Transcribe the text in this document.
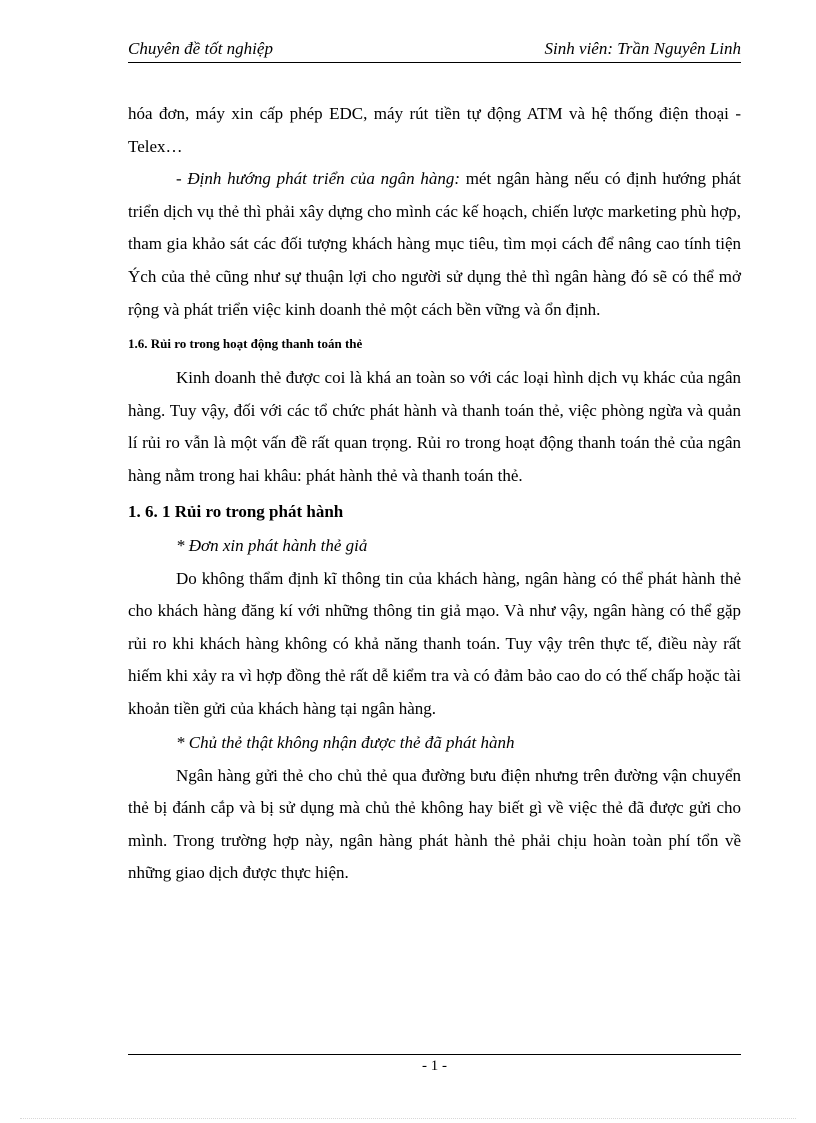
Chuyên đề tốt nghiệp	Sinh viên: Trần Nguyên Linh

hóa đơn, máy xin cấp phép EDC, máy rút tiền tự động ATM và hệ thống điện thoại - Telex…

- Định hướng phát triển của ngân hàng: mét ngân hàng nếu có định hướng phát triển dịch vụ thẻ thì phải xây dựng cho mình các kế hoạch, chiến lược marketing phù hợp, tham gia khảo sát các đối tượng khách hàng mục tiêu, tìm mọi cách để nâng cao tính tiện Ých của thẻ cũng như sự thuận lợi cho người sử dụng thẻ thì ngân hàng đó sẽ có thể mở rộng và phát triển việc kinh doanh thẻ một cách bền vững và ổn định.

1.6. Rủi ro trong hoạt động thanh toán thẻ

Kinh doanh thẻ được coi là khá an toàn so với các loại hình dịch vụ khác của ngân hàng. Tuy vậy, đối với các tổ chức phát hành và thanh toán thẻ, việc phòng ngừa và quản lí rủi ro vẫn là một vấn đề rất quan trọng. Rủi ro trong hoạt động thanh toán thẻ của ngân hàng nằm trong hai khâu: phát hành thẻ và thanh toán thẻ.

1. 6. 1 Rủi ro trong phát hành
* Đơn xin phát hành thẻ giả

Do không thẩm định kĩ thông tin của khách hàng, ngân hàng có thể phát hành thẻ cho khách hàng đăng kí với những thông tin giả mạo. Và như vậy, ngân hàng có thể gặp rủi ro khi khách hàng không có khả năng thanh toán. Tuy vậy trên thực tế, điều này rất hiếm khi xảy ra vì hợp đồng thẻ rất dễ kiểm tra và có đảm bảo cao do có thế chấp hoặc tài khoản tiền gửi của khách hàng tại ngân hàng.

* Chủ thẻ thật không nhận được thẻ đã phát hành

Ngân hàng gửi thẻ cho chủ thẻ qua đường bưu điện nhưng trên đường vận chuyển thẻ bị đánh cắp và bị sử dụng mà chủ thẻ không hay biết gì về việc thẻ đã được gửi cho mình. Trong trường hợp này, ngân hàng phát hành thẻ phải chịu hoàn toàn phí tổn về những giao dịch được thực hiện.

- 1 -
